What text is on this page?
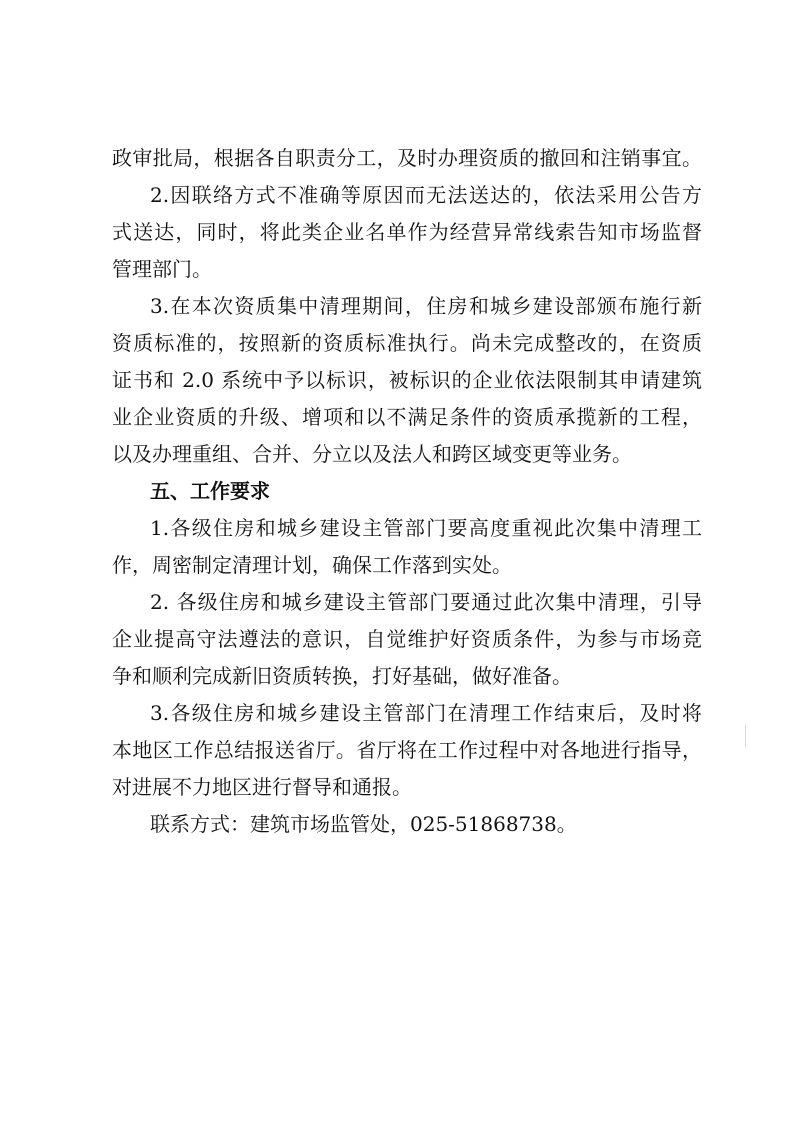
政审批局，根据各自职责分工，及时办理资质的撤回和注销事宜。
2.因联络方式不准确等原因而无法送达的，依法采用公告方
式送达，同时，将此类企业名单作为经营异常线索告知市场监督
管理部门。
3.在本次资质集中清理期间，住房和城乡建设部颁布施行新
资质标准的，按照新的资质标准执行。尚未完成整改的，在资质
证书和 2.0 系统中予以标识，被标识的企业依法限制其申请建筑
业企业资质的升级、增项和以不满足条件的资质承揽新的工程，
以及办理重组、合并、分立以及法人和跨区域变更等业务。
五、工作要求
1.各级住房和城乡建设主管部门要高度重视此次集中清理工
作，周密制定清理计划，确保工作落到实处。
2. 各级住房和城乡建设主管部门要通过此次集中清理，引导
企业提高守法遵法的意识，自觉维护好资质条件，为参与市场竞
争和顺利完成新旧资质转换，打好基础，做好准备。
3.各级住房和城乡建设主管部门在清理工作结束后，及时将
本地区工作总结报送省厅。省厅将在工作过程中对各地进行指导，
对进展不力地区进行督导和通报。
联系方式：建筑市场监管处，025-51868738。
